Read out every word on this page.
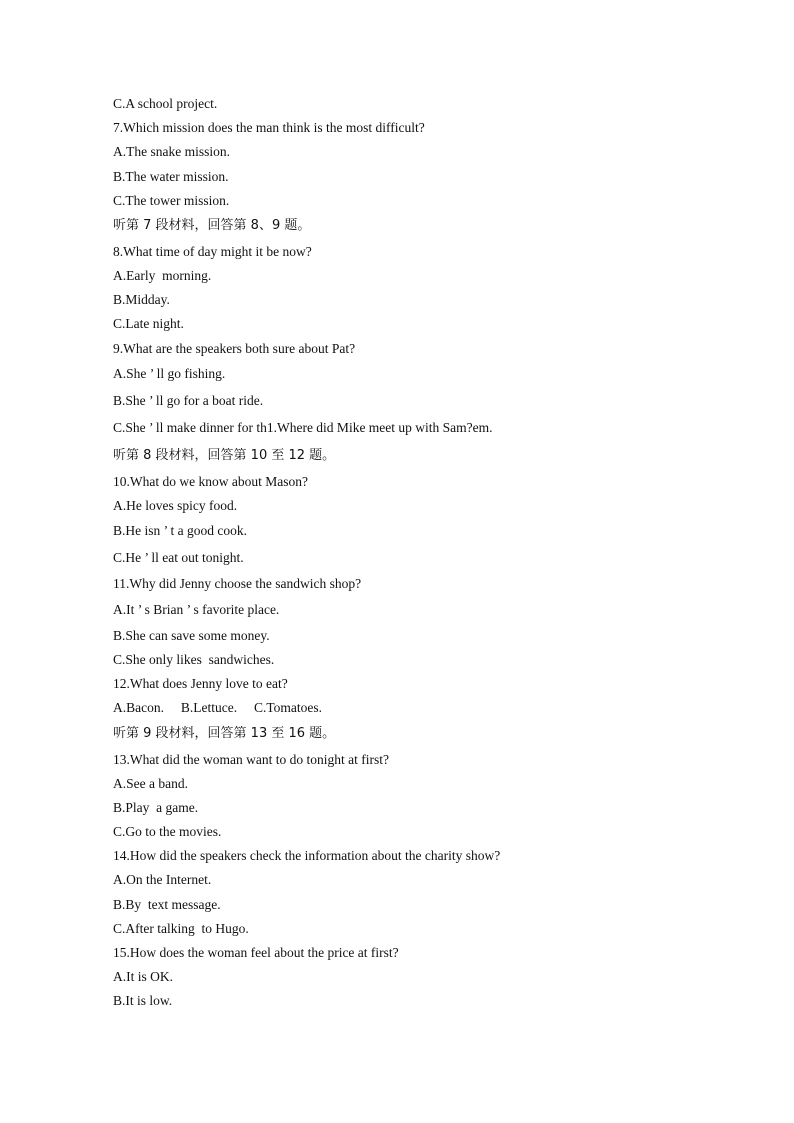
C.A school project.
7.Which mission does the man think is the most difficult?
A.The snake mission.
B.The water mission.
C.The tower mission.
听第 7 段材料，回答第 8、9 题。
8.What time of day might it be now?
A.Early  morning.
B.Midday.
C.Late night.
9.What are the speakers both sure about Pat?
A.She ’ ll go fishing.
B.She ’ ll go for a boat ride.
C.She ’ ll make dinner for th1.Where did Mike meet up with Sam?em.
听第 8 段材料，回答第 10 至 12 题。
10.What do we know about Mason?
A.He loves spicy food.
B.He isn ’ t a good cook.
C.He ’ ll eat out tonight.
11.Why did Jenny choose the sandwich shop?
A.It ’ s Brian ’ s favorite place.
B.She can save some money.
C.She only likes  sandwiches.
12.What does Jenny love to eat?
A.Bacon.     B.Lettuce.     C.Tomatoes.
听第 9 段材料，回答第 13 至 16 题。
13.What did the woman want to do tonight at first?
A.See a band.
B.Play  a game.
C.Go to the movies.
14.How did the speakers check the information about the charity show?
A.On the Internet.
B.By  text message.
C.After talking  to Hugo.
15.How does the woman feel about the price at first?
A.It is OK.
B.It is low.
